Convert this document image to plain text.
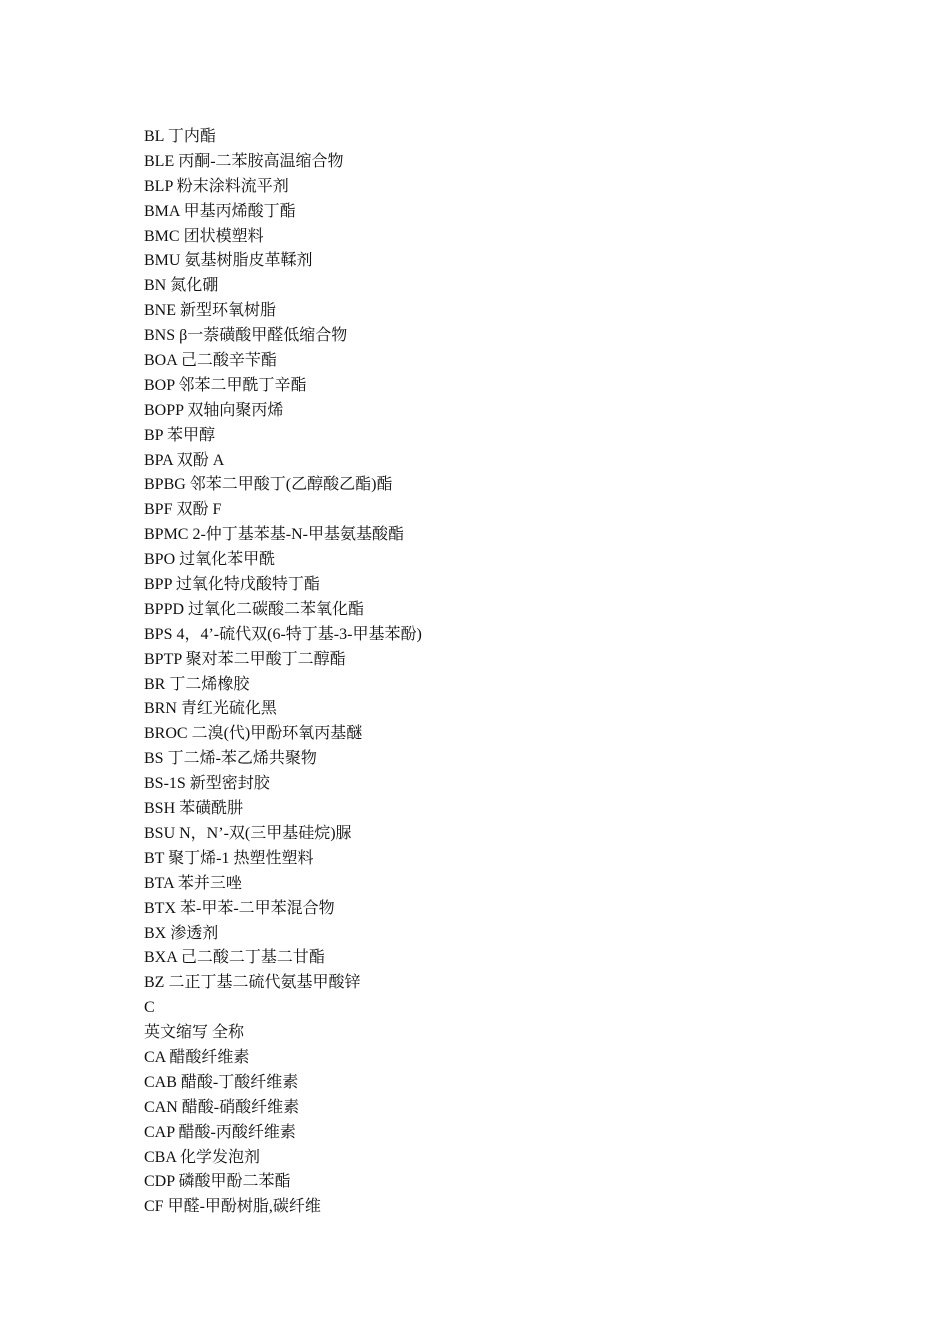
BL 丁内酯
BLE 丙酮-二苯胺高温缩合物
BLP 粉末涂料流平剂
BMA 甲基丙烯酸丁酯
BMC 团状模塑料
BMU 氨基树脂皮革鞣剂
BN 氮化硼
BNE 新型环氧树脂
BNS β一萘磺酸甲醛低缩合物
BOA 己二酸辛苄酯
BOP 邻苯二甲酰丁辛酯
BOPP 双轴向聚丙烯
BP 苯甲醇
BPA 双酚 A
BPBG 邻苯二甲酸丁(乙醇酸乙酯)酯
BPF 双酚 F
BPMC 2-仲丁基苯基-N-甲基氨基酸酯
BPO 过氧化苯甲酰
BPP 过氧化特戊酸特丁酯
BPPD 过氧化二碳酸二苯氧化酯
BPS 4，4’-硫代双(6-特丁基-3-甲基苯酚)
BPTP 聚对苯二甲酸丁二醇酯
BR 丁二烯橡胶
BRN 青红光硫化黑
BROC 二溴(代)甲酚环氧丙基醚
BS 丁二烯-苯乙烯共聚物
BS-1S 新型密封胶
BSH 苯磺酰肼
BSU N，N’-双(三甲基硅烷)脲
BT 聚丁烯-1 热塑性塑料
BTA 苯并三唑
BTX 苯-甲苯-二甲苯混合物
BX 渗透剂
BXA 己二酸二丁基二甘酯
BZ 二正丁基二硫代氨基甲酸锌
C
英文缩写 全称
CA 醋酸纤维素
CAB 醋酸-丁酸纤维素
CAN 醋酸-硝酸纤维素
CAP 醋酸-丙酸纤维素
CBA 化学发泡剂
CDP 磷酸甲酚二苯酯
CF 甲醛-甲酚树脂,碳纤维
